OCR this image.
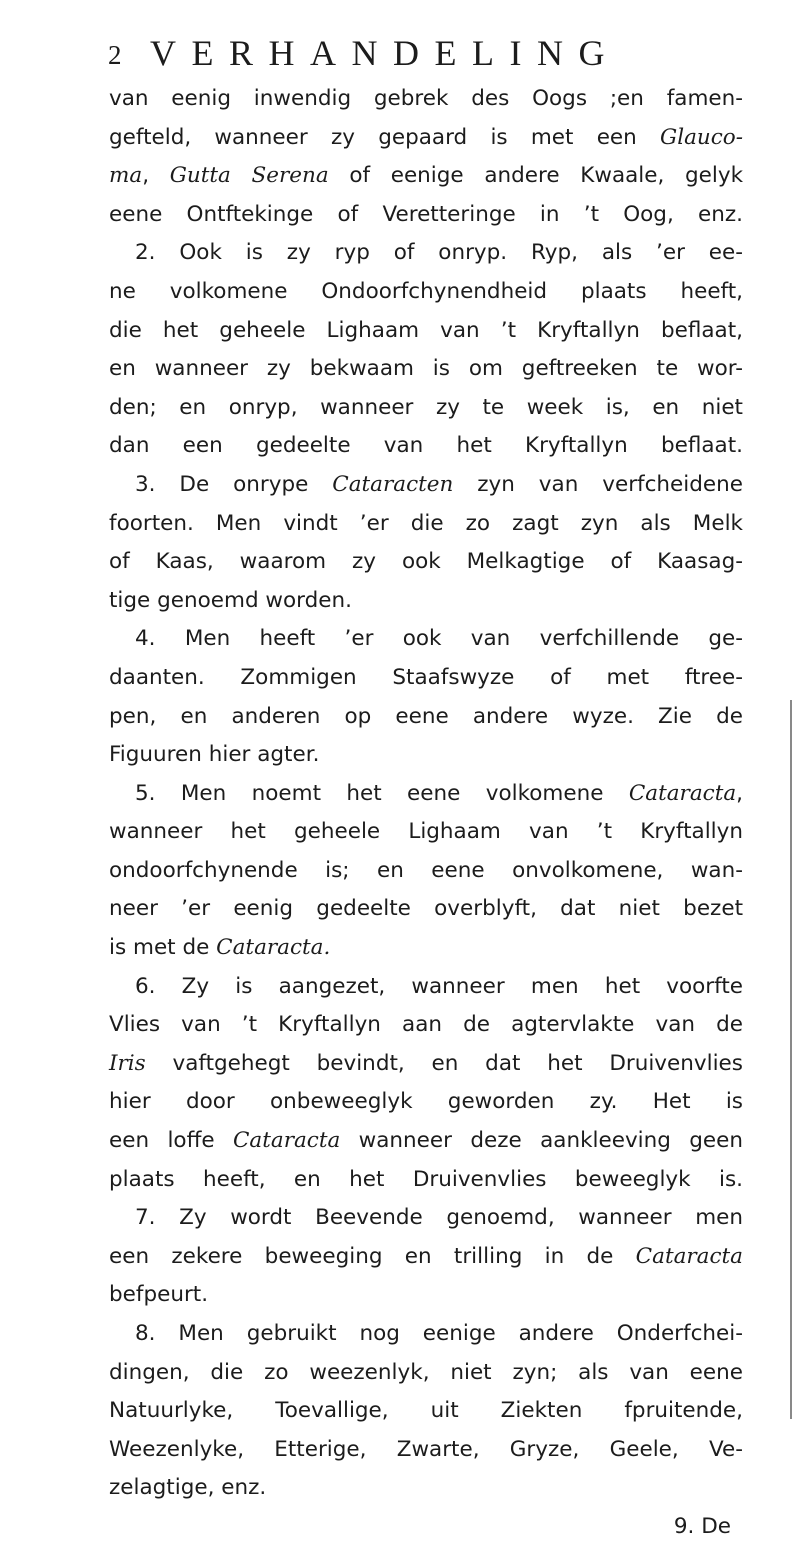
2 VERHANDELING
van eenig inwendig gebrek des Oogs ;en famen-
gefteld, wanneer zy gepaard is met een Glauco-
ma, Gutta Serena of eenige andere Kwaale, gelyk
eene Ontftekinge of Veretteringe in ’t Oog, enz.
2. Ook is zy ryp of onryp. Ryp, als ’er ee-
ne volkomene Ondoorfchynendheid plaats heeft,
die het geheele Lighaam van ’t Kryftallyn beflaat,
en wanneer zy bekwaam is om geftreeken te wor-
den; en onryp, wanneer zy te week is, en niet
dan een gedeelte van het Kryftallyn beflaat.
3. De onrype Cataracten zyn van verfcheidene
foorten. Men vindt ’er die zo zagt zyn als Melk
of Kaas, waarom zy ook Melkagtige of Kaasag-
tige genoemd worden.
4. Men heeft ’er ook van verfchillende ge-
daanten. Zommigen Staafswyze of met ftree-
pen, en anderen op eene andere wyze. Zie de
Figuuren hier agter.
5. Men noemt het eene volkomene Cataracta,
wanneer het geheele Lighaam van ’t Kryftallyn
ondoorfchynende is; en eene onvolkomene, wan-
neer ’er eenig gedeelte overblyft, dat niet bezet
is met de Cataracta.
6. Zy is aangezet, wanneer men het voorfte
Vlies van ’t Kryftallyn aan de agtervlakte van de
Iris vaftgehegt bevindt, en dat het Druivenvlies
hier door onbeweeglyk geworden zy. Het is
een loffe Cataracta wanneer deze aankleeving geen
plaats heeft, en het Druivenvlies beweeglyk is.
7. Zy wordt Beevende genoemd, wanneer men
een zekere beweeging en trilling in de Cataracta
befpeurt.
8. Men gebruikt nog eenige andere Onderfchei-
dingen, die zo weezenlyk, niet zyn; als van eene
Natuurlyke, Toevallige, uit Ziekten fpruitende,
Weezenlyke, Etterige, Zwarte, Gryze, Geele, Ve-
zelagtige, enz.
9. De
